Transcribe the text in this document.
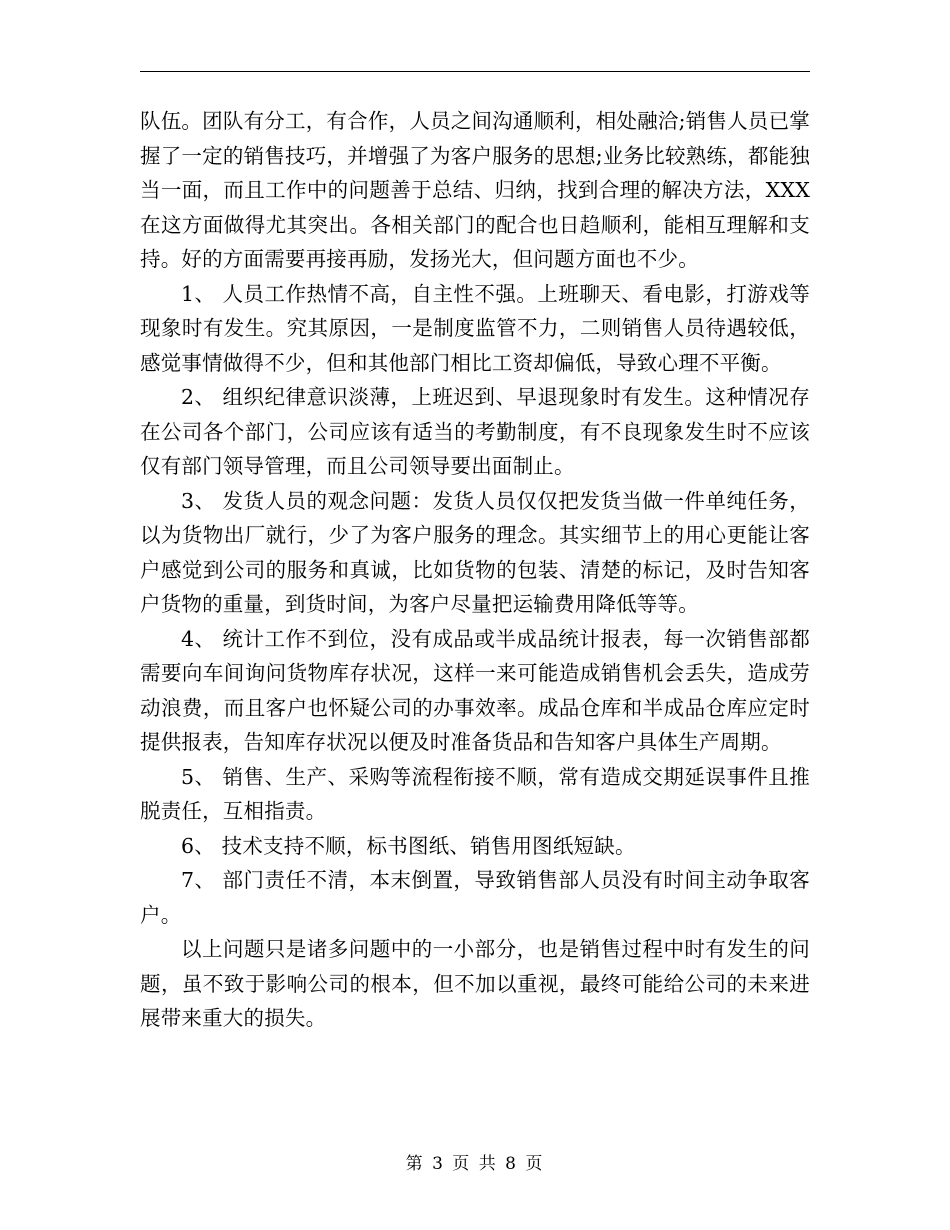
队伍。团队有分工，有合作，人员之间沟通顺利，相处融洽;销售人员已掌握了一定的销售技巧，并增强了为客户服务的思想;业务比较熟练，都能独当一面，而且工作中的问题善于总结、归纳，找到合理的解决方法，XXX在这方面做得尤其突出。各相关部门的配合也日趋顺利，能相互理解和支持。好的方面需要再接再励，发扬光大，但问题方面也不少。

1、 人员工作热情不高，自主性不强。上班聊天、看电影，打游戏等现象时有发生。究其原因，一是制度监管不力，二则销售人员待遇较低，感觉事情做得不少，但和其他部门相比工资却偏低，导致心理不平衡。

2、 组织纪律意识淡薄，上班迟到、早退现象时有发生。这种情况存在公司各个部门，公司应该有适当的考勤制度，有不良现象发生时不应该仅有部门领导管理，而且公司领导要出面制止。

3、 发货人员的观念问题：发货人员仅仅把发货当做一件单纯任务，以为货物出厂就行，少了为客户服务的理念。其实细节上的用心更能让客户感觉到公司的服务和真诚，比如货物的包装、清楚的标记，及时告知客户货物的重量，到货时间，为客户尽量把运输费用降低等等。

4、 统计工作不到位，没有成品或半成品统计报表，每一次销售部都需要向车间询问货物库存状况，这样一来可能造成销售机会丢失，造成劳动浪费，而且客户也怀疑公司的办事效率。成品仓库和半成品仓库应定时提供报表，告知库存状况以便及时准备货品和告知客户具体生产周期。

5、 销售、生产、采购等流程衔接不顺，常有造成交期延误事件且推脱责任，互相指责。

6、 技术支持不顺，标书图纸、销售用图纸短缺。

7、 部门责任不清，本末倒置，导致销售部人员没有时间主动争取客户。

以上问题只是诸多问题中的一小部分，也是销售过程中时有发生的问题，虽不致于影响公司的根本，但不加以重视，最终可能给公司的未来进展带来重大的损失。

第 3 页 共 8 页
